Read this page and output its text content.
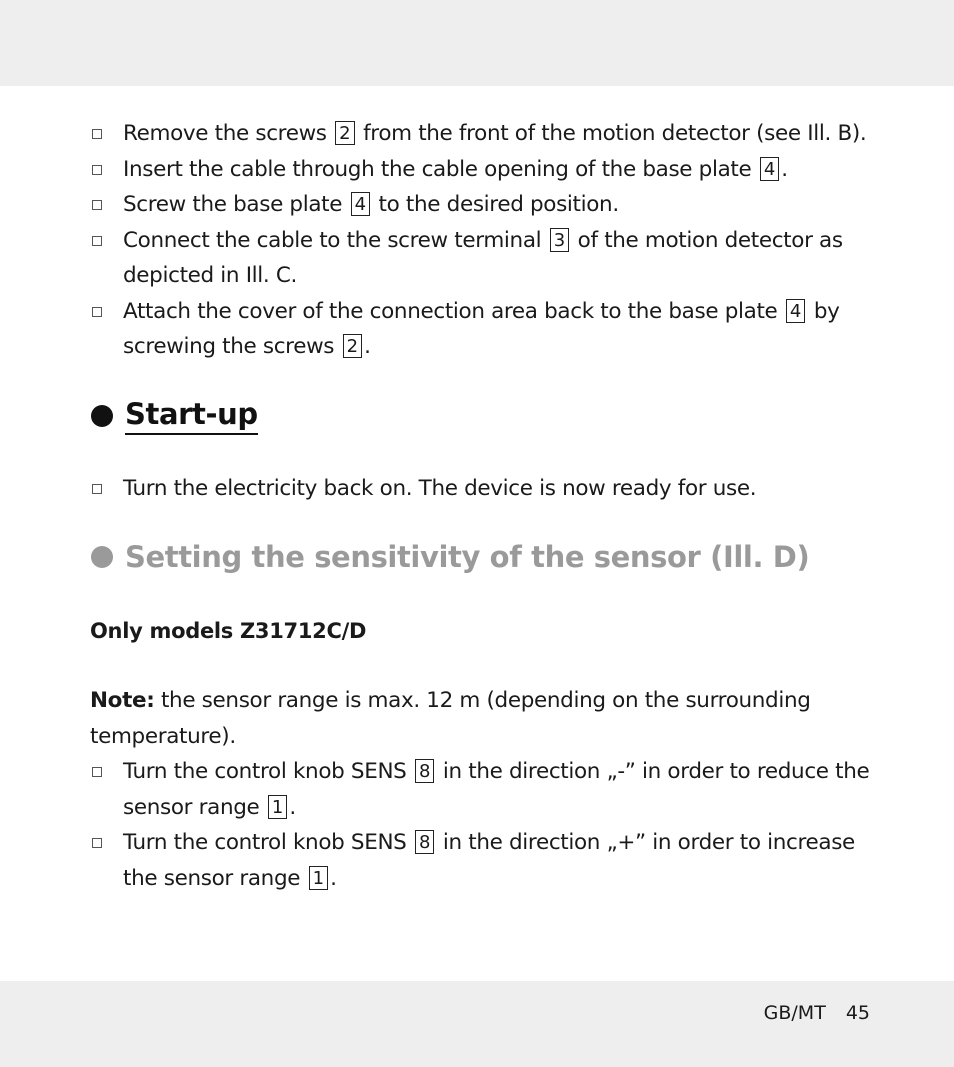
Remove the screws 2 from the front of the motion detector (see Ill. B).
Insert the cable through the cable opening of the base plate 4 .
Screw the base plate 4 to the desired position.
Connect the cable to the screw terminal 3 of the motion detector as depicted in Ill. C.
Attach the cover of the connection area back to the base plate 4 by screwing the screws 2 .
Start-up
Turn the electricity back on. The device is now ready for use.
Setting the sensitivity of the sensor (Ill. D)
Only models Z31712C/D
Note: the sensor range is max. 12 m (depending on the surrounding temperature).
Turn the control knob SENS 8 in the direction „-” in order to reduce the sensor range 1 .
Turn the control knob SENS 8 in the direction „+” in order to increase the sensor range 1 .
GB/MT 45
